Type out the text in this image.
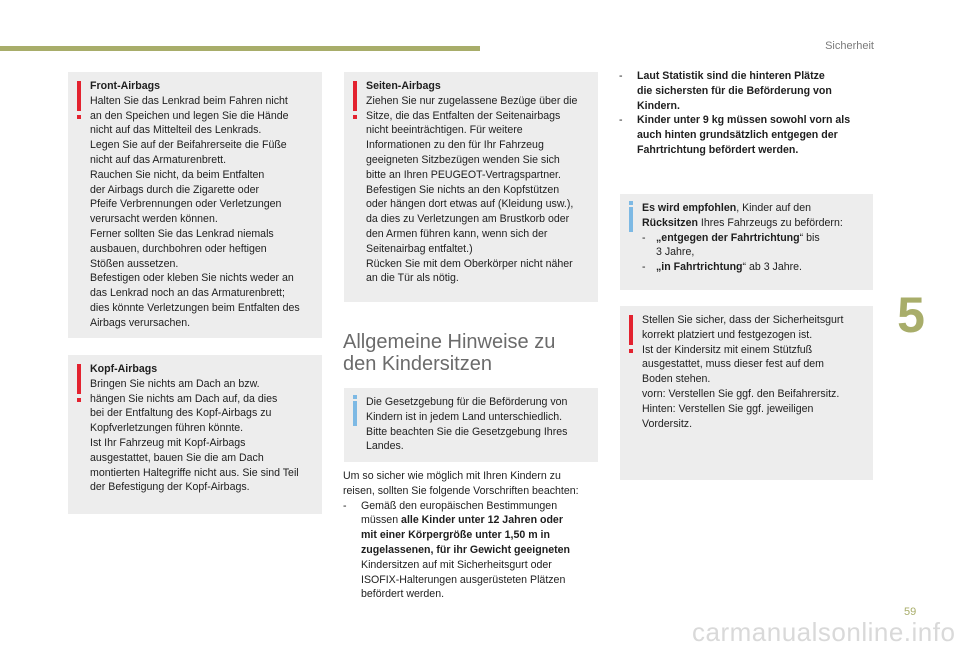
Sicherheit

Front-Airbags

Halten Sie das Lenkrad beim Fahren nicht
an den Speichen und legen Sie die Hände
nicht auf das Mittelteil des Lenkrads.
Legen Sie auf der Beifahrerseite die Füße
nicht auf das Armaturenbrett.
Rauchen Sie nicht, da beim Entfalten
der Airbags durch die Zigarette oder
Pfeife Verbrennungen oder Verletzungen
verursacht werden können.
Ferner sollten Sie das Lenkrad niemals
ausbauen, durchbohren oder heftigen
Stößen aussetzen.
Befestigen oder kleben Sie nichts weder an
das Lenkrad noch an das Armaturenbrett;
dies könnte Verletzungen beim Entfalten des
Airbags verursachen.

Kopf-Airbags

Bringen Sie nichts am Dach an bzw.
hängen Sie nichts am Dach auf, da dies
bei der Entfaltung des Kopf-Airbags zu
Kopfverletzungen führen könnte.
Ist Ihr Fahrzeug mit Kopf-Airbags
ausgestattet, bauen Sie die am Dach
montierten Haltegriffe nicht aus. Sie sind Teil
der Befestigung der Kopf-Airbags.

Seiten-Airbags

Ziehen Sie nur zugelassene Bezüge über die
Sitze, die das Entfalten der Seitenairbags
nicht beeinträchtigen. Für weitere
Informationen zu den für Ihr Fahrzeug
geeigneten Sitzbezügen wenden Sie sich
bitte an Ihren PEUGEOT-Vertragspartner.
Befestigen Sie nichts an den Kopfstützen
oder hängen dort etwas auf (Kleidung usw.),
da dies zu Verletzungen am Brustkorb oder
den Armen führen kann, wenn sich der
Seitenairbag entfaltet.)
Rücken Sie mit dem Oberkörper nicht näher
an die Tür als nötig.

Allgemeine Hinweise zu
den Kindersitzen

Die Gesetzgebung für die Beförderung von
Kindern ist in jedem Land unterschiedlich.
Bitte beachten Sie die Gesetzgebung Ihres
Landes.

Um so sicher wie möglich mit Ihren Kindern zu
reisen, sollten Sie folgende Vorschriften beachten:

-	Gemäß den europäischen Bestimmungen
müssen alle Kinder unter 12 Jahren oder
mit einer Körpergröße unter 1,50 m in
zugelassenen, für ihr Gewicht geeigneten
Kindersitzen auf mit Sicherheitsgurt oder
ISOFIX-Halterungen ausgerüsteten Plätzen
befördert werden.
-	Laut Statistik sind die hinteren Plätze
die sichersten für die Beförderung von
Kindern.
-	Kinder unter 9 kg müssen sowohl vorn als
auch hinten grundsätzlich entgegen der
Fahrtrichtung befördert werden.

Es wird empfohlen, Kinder auf den

Rücksitzen Ihres Fahrzeugs zu befördern:

- „entgegen der Fahrtrichtung“ bis
3 Jahre,
- „in Fahrtrichtung“ ab 3 Jahre.

Stellen Sie sicher, dass der Sicherheitsgurt
korrekt platziert und festgezogen ist.
Ist der Kindersitz mit einem Stützfuß
ausgestattet, muss dieser fest auf dem
Boden stehen.
vorn: Verstellen Sie ggf. den Beifahrersitz.
Hinten: Verstellen Sie ggf. jeweiligen
Vordersitz.

5
59
carmanualsonline.info
